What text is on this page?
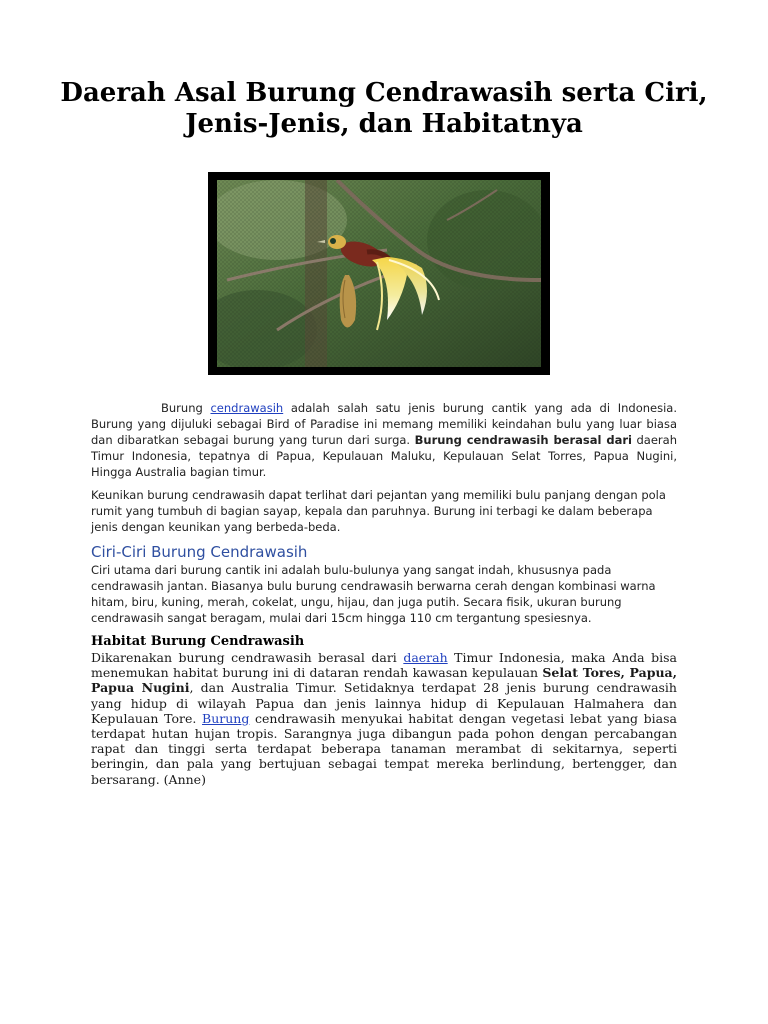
Daerah Asal Burung Cendrawasih serta Ciri,
Jenis-Jenis, dan Habitatnya

Burung cendrawasih adalah salah satu jenis burung cantik yang ada di Indonesia. Burung yang dijuluki sebagai Bird of Paradise ini memang memiliki keindahan bulu yang luar biasa dan dibaratkan sebagai burung yang turun dari surga. Burung cendrawasih berasal dari daerah Timur Indonesia, tepatnya di Papua, Kepulauan Maluku, Kepulauan Selat Torres, Papua Nugini, Hingga Australia bagian timur.

Keunikan burung cendrawasih dapat terlihat dari pejantan yang memiliki bulu panjang dengan pola rumit yang tumbuh di bagian sayap, kepala dan paruhnya. Burung ini terbagi ke dalam beberapa jenis dengan keunikan yang berbeda-beda.

Ciri-Ciri Burung Cendrawasih

Ciri utama dari burung cantik ini adalah bulu-bulunya yang sangat indah, khususnya pada cendrawasih jantan. Biasanya bulu burung cendrawasih berwarna cerah dengan kombinasi warna hitam, biru, kuning, merah, cokelat, ungu, hijau, dan juga putih. Secara fisik, ukuran burung cendrawasih sangat beragam, mulai dari 15cm hingga 110 cm tergantung spesiesnya.

Habitat Burung Cendrawasih

Dikarenakan burung cendrawasih berasal dari daerah Timur Indonesia, maka Anda bisa menemukan habitat burung ini di dataran rendah kawasan kepulauan Selat Tores, Papua, Papua Nugini, dan Australia Timur. Setidaknya terdapat 28 jenis burung cendrawasih yang hidup di wilayah Papua dan jenis lainnya hidup di Kepulauan Halmahera dan Kepulauan Tore. Burung cendrawasih menyukai habitat dengan vegetasi lebat yang biasa terdapat hutan hujan tropis. Sarangnya juga dibangun pada pohon dengan percabangan rapat dan tinggi serta terdapat beberapa tanaman merambat di sekitarnya, seperti beringin, dan pala yang bertujuan sebagai tempat mereka berlindung, bertengger, dan bersarang. (Anne)
